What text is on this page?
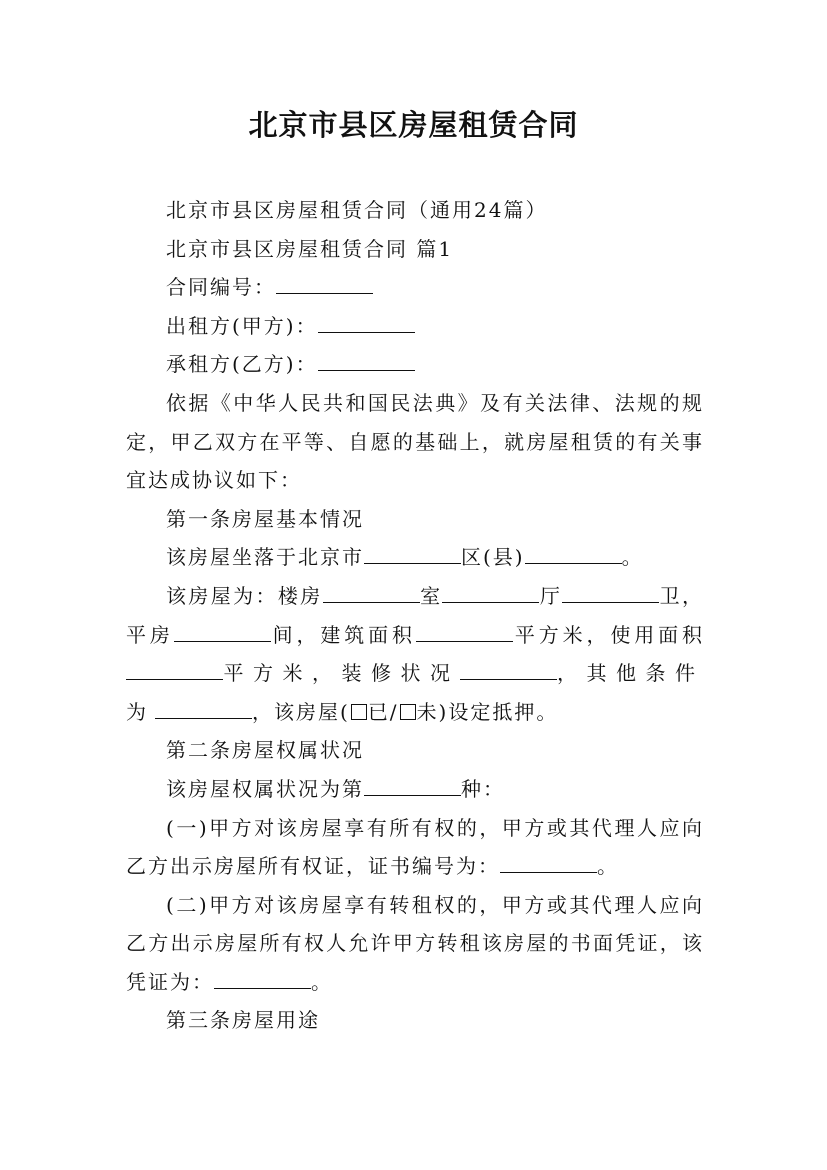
北京市县区房屋租赁合同

北京市县区房屋租赁合同（通用24篇）

北京市县区房屋租赁合同 篇1

合同编号：

出租方(甲方)：

承租方(乙方)：

依据《中华人民共和国民法典》及有关法律、法规的规定，甲乙双方在平等、自愿的基础上，就房屋租赁的有关事宜达成协议如下：

第一条房屋基本情况

该房屋坐落于北京市	区(县)	。

该房屋为：楼房	室	厅	卫，平房	间，建筑面积	平方米，使用面积平方米，装修状况	，其他条件为	，该房屋( 已/ 未)设定抵押。

第二条房屋权属状况

该房屋权属状况为第	种：

(一)甲方对该房屋享有所有权的，甲方或其代理人应向乙方出示房屋所有权证，证书编号为：	。

(二)甲方对该房屋享有转租权的，甲方或其代理人应向乙方出示房屋所有权人允许甲方转租该房屋的书面凭证，该凭证为：	。

第三条房屋用途
